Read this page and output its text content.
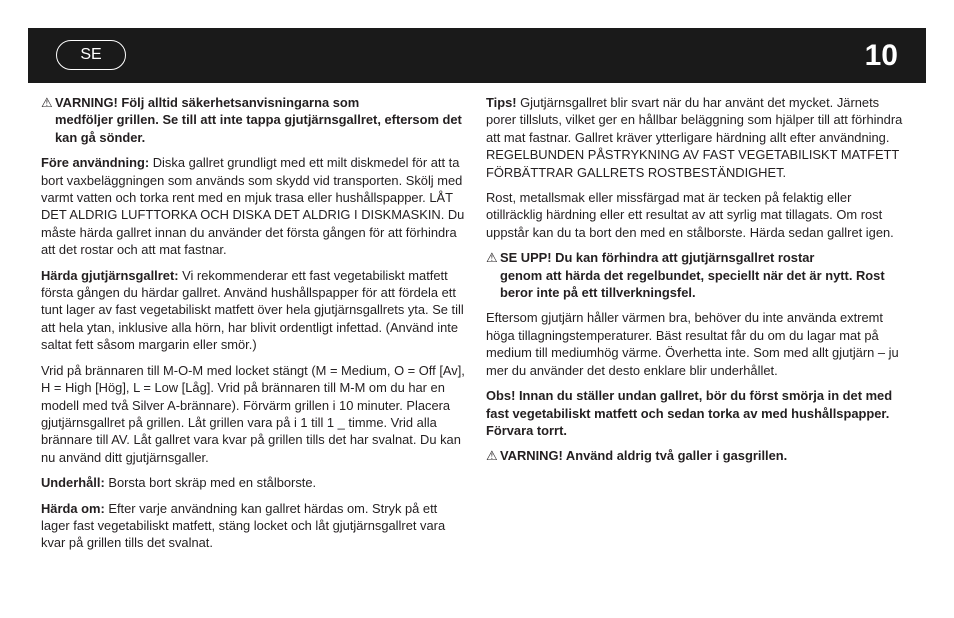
SE	10
⚠ VARNING! Följ alltid säkerhetsanvisningarna som
medföljer grillen. Se till att inte tappa gjutjärnsgallret, eftersom det kan gå sönder.

Före användning: Diska gallret grundligt med ett milt diskmedel för att ta bort vaxbeläggningen som används som skydd vid transporten. Skölj med varmt vatten och torka rent med en mjuk trasa eller hushållspapper. LÅT DET ALDRIG LUFTTORKA OCH DISKA DET ALDRIG I DISKMASKIN. Du måste härda gallret innan du använder det första gången för att förhindra att det rostar och att mat fastnar.

Härda gjutjärnsgallret: Vi rekommenderar ett fast vegetabiliskt matfett första gången du härdar gallret. Använd hushållspapper för att fördela ett tunt lager av fast vegetabiliskt matfett över hela gjutjärnsgallrets yta. Se till att hela ytan, inklusive alla hörn, har blivit ordentligt infettad. (Använd inte saltat fett såsom margarin eller smör.)

Vrid på brännaren till M-O-M med locket stängt (M = Medium, O = Off [Av], H = High [Hög], L = Low [Låg]. Vrid på brännaren till M-M om du har en modell med två Silver A-brännare). Förvärm grillen i 10 minuter. Placera gjutjärnsgallret på grillen. Låt grillen vara på i 1 till 1 _ timme. Vrid alla brännare till AV. Låt gallret vara kvar på grillen tills det har svalnat. Du kan nu använd ditt gjutjärnsgaller.

Underhåll: Borsta bort skräp med en stålborste.

Härda om: Efter varje användning kan gallret härdas om. Stryk på ett lager fast vegetabiliskt matfett, stäng locket och låt gjutjärnsgallret vara kvar på grillen tills det svalnat.

Tips! Gjutjärnsgallret blir svart när du har använt det mycket. Järnets porer tillsluts, vilket ger en hållbar beläggning som hjälper till att förhindra att mat fastnar. Gallret kräver ytterligare härdning allt efter användning. REGELBUNDEN PÅSTRYKNING AV FAST VEGETABILISKT MATFETT FÖRBÄTTRAR GALLRETS ROSTBESTÄNDIGHET.

Rost, metallsmak eller missfärgad mat är tecken på felaktig eller otillräcklig härdning eller ett resultat av att syrlig mat tillagats. Om rost uppstår kan du ta bort den med en stålborste. Härda sedan gallret igen.

⚠ SE UPP! Du kan förhindra att gjutjärnsgallret rostar
genom att härda det regelbundet, speciellt när det är nytt. Rost beror inte på ett tillverkningsfel.

Eftersom gjutjärn håller värmen bra, behöver du inte använda extremt höga tillagningstemperaturer. Bäst resultat får du om du lagar mat på medium till mediumhög värme. Överhetta inte. Som med allt gjutjärn – ju mer du använder det desto enklare blir underhållet.

Obs! Innan du ställer undan gallret, bör du först smörja in det med fast vegetabiliskt matfett och sedan torka av med hushållspapper. Förvara torrt.

⚠ VARNING! Använd aldrig två galler i gasgrillen.
